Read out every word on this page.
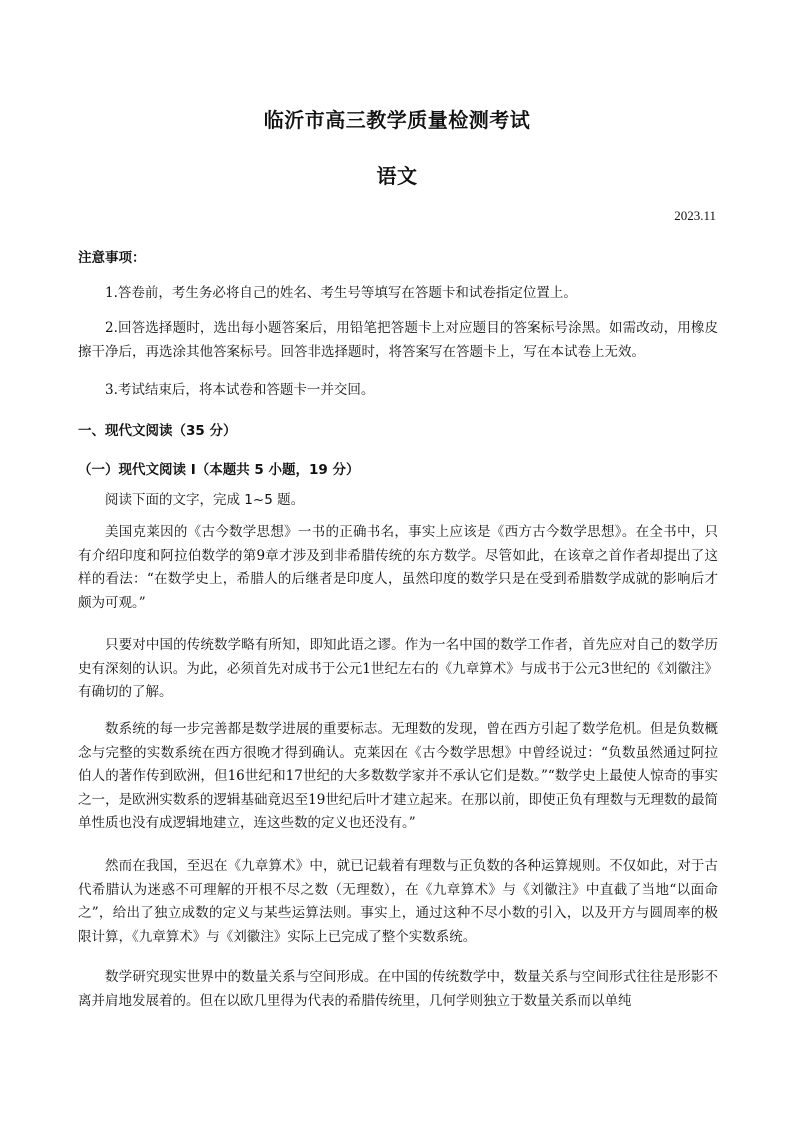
临沂市高三教学质量检测考试
语文
2023.11
注意事项：

1.答卷前，考生务必将自己的姓名、考生号等填写在答题卡和试卷指定位置上。

2.回答选择题时，选出每小题答案后，用铅笔把答题卡上对应题目的答案标号涂黑。如需改动，用橡皮擦干净后，再选涂其他答案标号。回答非选择题时，将答案写在答题卡上，写在本试卷上无效。

3.考试结束后，将本试卷和答题卡一并交回。

一、现代文阅读（35 分）
（一）现代文阅读 I（本题共 5 小题，19 分）

阅读下面的文字，完成 1~5 题。

美国克莱因的《古今数学思想》一书的正确书名，事实上应该是《西方古今数学思想》。在全书中，只有介绍印度和阿拉伯数学的第9章才涉及到非希腊传统的东方数学。尽管如此，在该章之首作者却提出了这样的看法：“在数学史上，希腊人的后继者是印度人，虽然印度的数学只是在受到希腊数学成就的影响后才颇为可观。”

只要对中国的传统数学略有所知，即知此语之谬。作为一名中国的数学工作者，首先应对自己的数学历史有深刻的认识。为此，必须首先对成书于公元1世纪左右的《九章算术》与成书于公元3世纪的《刘徽注》有确切的了解。

数系统的每一步完善都是数学进展的重要标志。无理数的发现，曾在西方引起了数学危机。但是负数概念与完整的实数系统在西方很晚才得到确认。克莱因在《古今数学思想》中曾经说过：“负数虽然通过阿拉伯人的著作传到欧洲，但16世纪和17世纪的大多数数学家并不承认它们是数。”“数学史上最使人惊奇的事实之一，是欧洲实数系的逻辑基础竟迟至19世纪后叶才建立起来。在那以前，即使正负有理数与无理数的最简单性质也没有成逻辑地建立，连这些数的定义也还没有。”

然而在我国，至迟在《九章算术》中，就已记载着有理数与正负数的各种运算规则。不仅如此，对于古代希腊认为迷惑不可理解的开根不尽之数（无理数），在《九章算术》与《刘徽注》中直截了当地“以面命之”，给出了独立成数的定义与某些运算法则。事实上，通过这种不尽小数的引入，以及开方与圆周率的极限计算，《九章算术》与《刘徽注》实际上已完成了整个实数系统。

数学研究现实世界中的数量关系与空间形成。在中国的传统数学中，数量关系与空间形式往往是形影不离并肩地发展着的。但在以欧几里得为代表的希腊传统里，几何学则独立于数量关系而以单纯
